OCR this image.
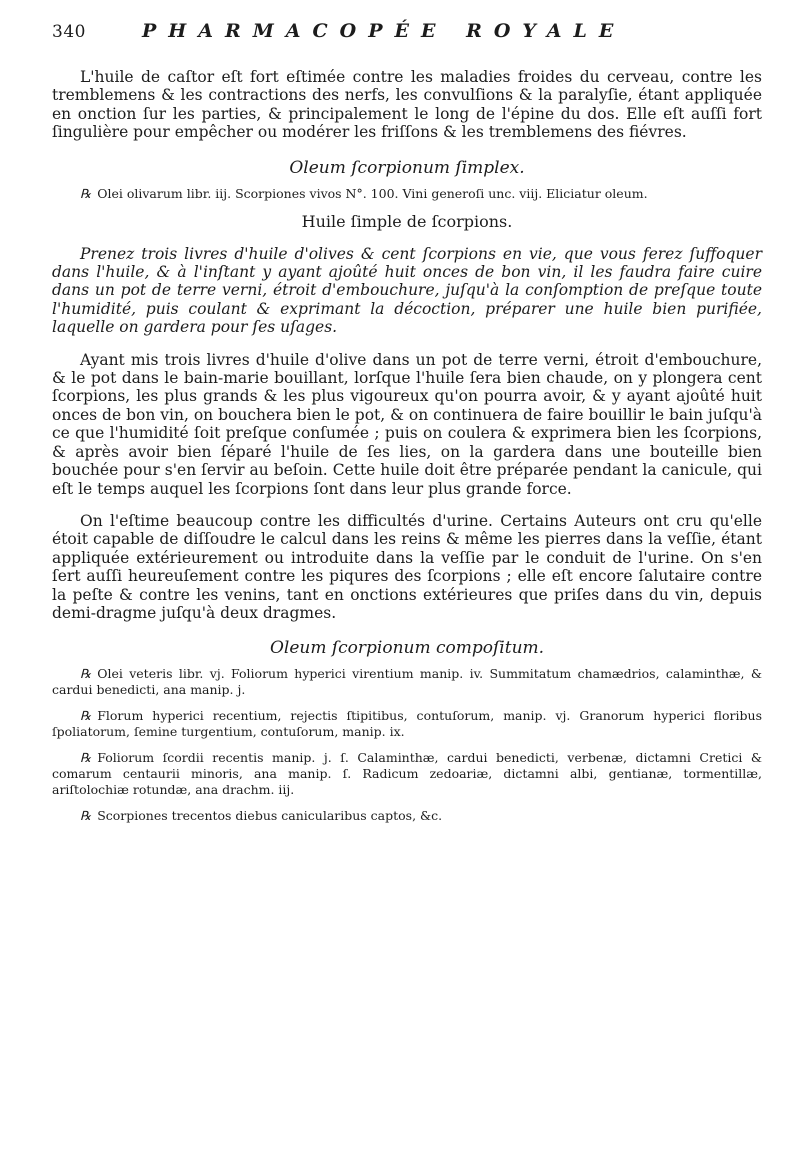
340	PHARMACOPÉE ROYALE

L'huile de caſtor eſt fort eſtimée contre les maladies froides du cerveau, contre les tremblemens & les contractions des nerfs, les convulſions & la paralyſie, étant appliquée en onction ſur les parties, & principalement le long de l'épine du dos. Elle eſt auſſi fort ſingulière pour empêcher ou modérer les friſſons & les tremblemens des fiévres.

Oleum ſcorpionum ſimplex.

℞ Olei olivarum libr. iij. Scorpiones vivos N°. 100. Vini generoſi unc. viij. Eliciatur oleum.

Huile ſimple de ſcorpions.

Prenez trois livres d'huile d'olives & cent ſcorpions en vie, que vous ferez ſuffoquer dans l'huile, & à l'inſtant y ayant ajoûté huit onces de bon vin, il les faudra faire cuire dans un pot de terre verni, étroit d'embouchure, juſqu'à la conſomption de preſque toute l'humidité, puis coulant & exprimant la décoction, préparer une huile bien purifiée, laquelle on gardera pour ſes uſages.

Ayant mis trois livres d'huile d'olive dans un pot de terre verni, étroit d'embouchure, & le pot dans le bain-marie bouillant, lorſque l'huile ſera bien chaude, on y plongera cent ſcorpions, les plus grands & les plus vigoureux qu'on pourra avoir, & y ayant ajoûté huit onces de bon vin, on bouchera bien le pot, & on continuera de faire bouillir le bain juſqu'à ce que l'humidité ſoit preſque conſumée ; puis on coulera & exprimera bien les ſcorpions, & après avoir bien ſéparé l'huile de ſes lies, on la gardera dans une bouteille bien bouchée pour s'en ſervir au beſoin. Cette huile doit être préparée pendant la canicule, qui eſt le temps auquel les ſcorpions ſont dans leur plus grande force.

On l'eſtime beaucoup contre les difficultés d'urine. Certains Auteurs ont cru qu'elle étoit capable de diſſoudre le calcul dans les reins & même les pierres dans la veſſie, étant appliquée extérieurement ou introduite dans la veſſie par le conduit de l'urine. On s'en ſert auſſi heureuſement contre les piqures des ſcorpions ; elle eſt encore ſalutaire contre la peſte & contre les venins, tant en onctions extérieures que priſes dans du vin, depuis demi-dragme juſqu'à deux dragmes.

Oleum ſcorpionum compoſitum.

℞ Olei veteris libr. vj. Foliorum hyperici virentium manip. iv. Summitatum chamædrios, calaminthæ, & cardui benedicti, ana manip. j.

℞ Florum hyperici recentium, rejectis ſtipitibus, contuſorum, manip. vj. Granorum hyperici floribus ſpoliatorum, ſemine turgentium, contuſorum, manip. ix.

℞ Foliorum ſcordii recentis manip. j. ſ. Calaminthæ, cardui benedicti, verbenæ, dictamni Cretici & comarum centaurii minoris, ana manip. ſ. Radicum zedoariæ, dictamni albi, gentianæ, tormentillæ, ariſtolochiæ rotundæ, ana drachm. iij.

℞ Scorpiones trecentos diebus canicularibus captos, &c.
